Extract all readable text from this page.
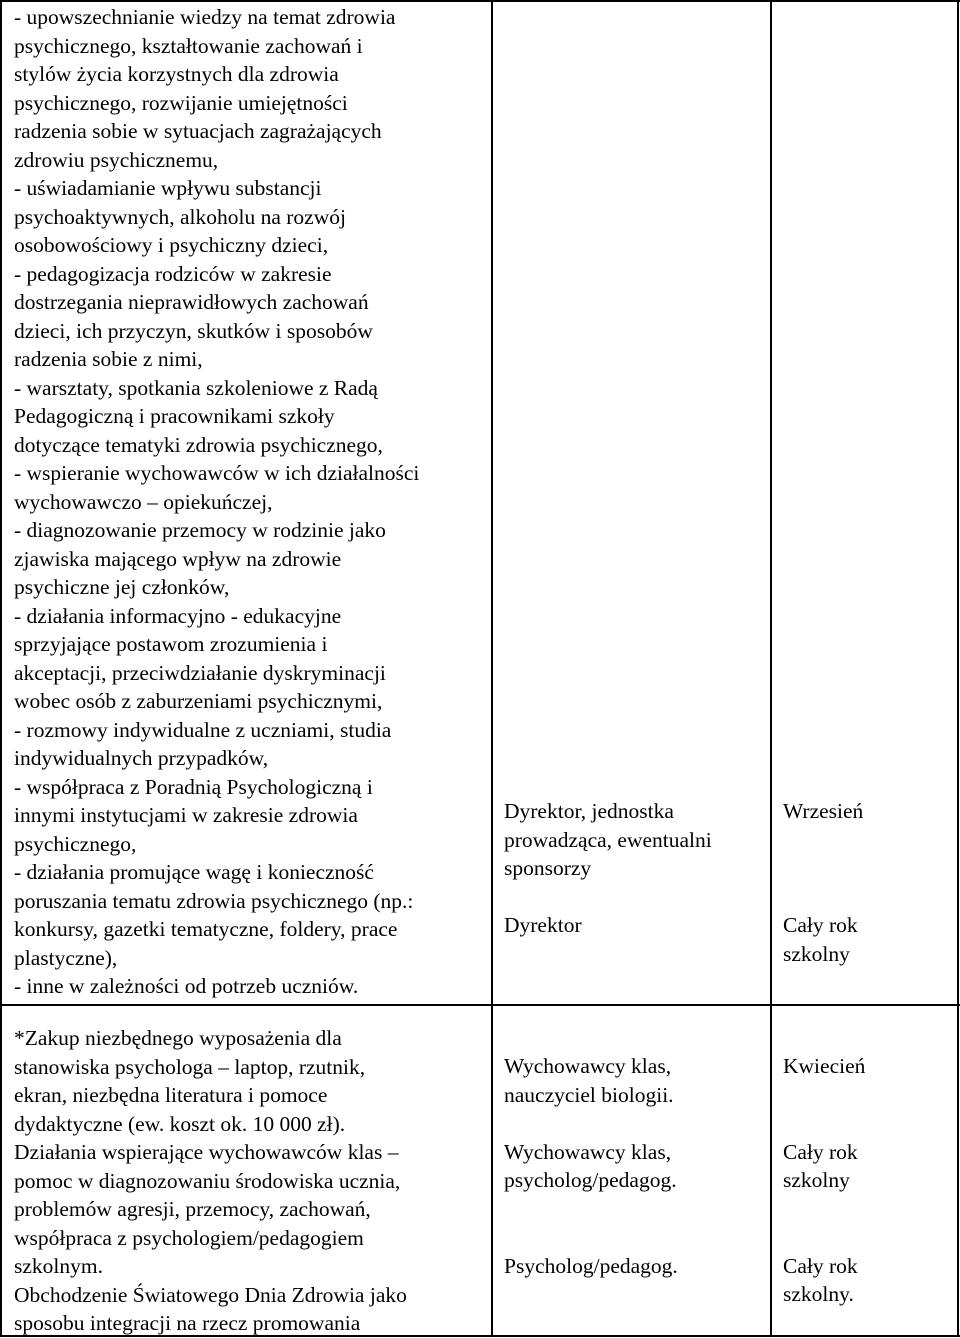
- upowszechnianie wiedzy na temat zdrowia
psychicznego, kształtowanie zachowań i
stylów życia korzystnych dla zdrowia
psychicznego, rozwijanie umiejętności
radzenia sobie w sytuacjach zagrażających
zdrowiu psychicznemu,
- uświadamianie wpływu substancji
psychoaktywnych, alkoholu na rozwój
osobowościowy i psychiczny dzieci,
- pedagogizacja rodziców w zakresie
dostrzegania nieprawidłowych zachowań
dzieci, ich przyczyn, skutków i sposobów
radzenia sobie z nimi,
- warsztaty, spotkania szkoleniowe z Radą
Pedagogiczną i pracownikami szkoły
dotyczące tematyki zdrowia psychicznego,
- wspieranie wychowawców w ich działalności
wychowawczo – opiekuńczej,
- diagnozowanie przemocy w rodzinie jako
zjawiska mającego wpływ na zdrowie
psychiczne jej członków,
- działania informacyjno - edukacyjne
sprzyjające postawom zrozumienia i
akceptacji, przeciwdziałanie dyskryminacji
wobec osób z zaburzeniami psychicznymi,
- rozmowy indywidualne z uczniami, studia
indywidualnych przypadków,
- współpraca z Poradnią Psychologiczną i
innymi instytucjami w zakresie zdrowia
psychicznego,
- działania promujące wagę i konieczność
poruszania tematu zdrowia psychicznego (np.:
konkursy, gazetki tematyczne, foldery, prace
plastyczne),
- inne w zależności od potrzeb uczniów.
Dyrektor, jednostka
prowadząca, ewentualni
sponsorzy
Dyrektor
Wrzesień
Cały rok
szkolny
*Zakup niezbędnego wyposażenia dla
stanowiska psychologa – laptop, rzutnik,
ekran, niezbędna literatura i pomoce
dydaktyczne (ew. koszt ok. 10 000 zł).
Działania wspierające wychowawców klas –
pomoc w diagnozowaniu środowiska ucznia,
problemów agresji, przemocy, zachowań,
współpraca z psychologiem/pedagogiem
szkolnym.
Obchodzenie Światowego Dnia Zdrowia jako
sposobu integracji na rzecz promowania
Wychowawcy klas,
nauczyciel biologii.
Wychowawcy klas,
psycholog/pedagog.
Psycholog/pedagog.
Kwiecień
Cały rok
szkolny
Cały rok
szkolny.
